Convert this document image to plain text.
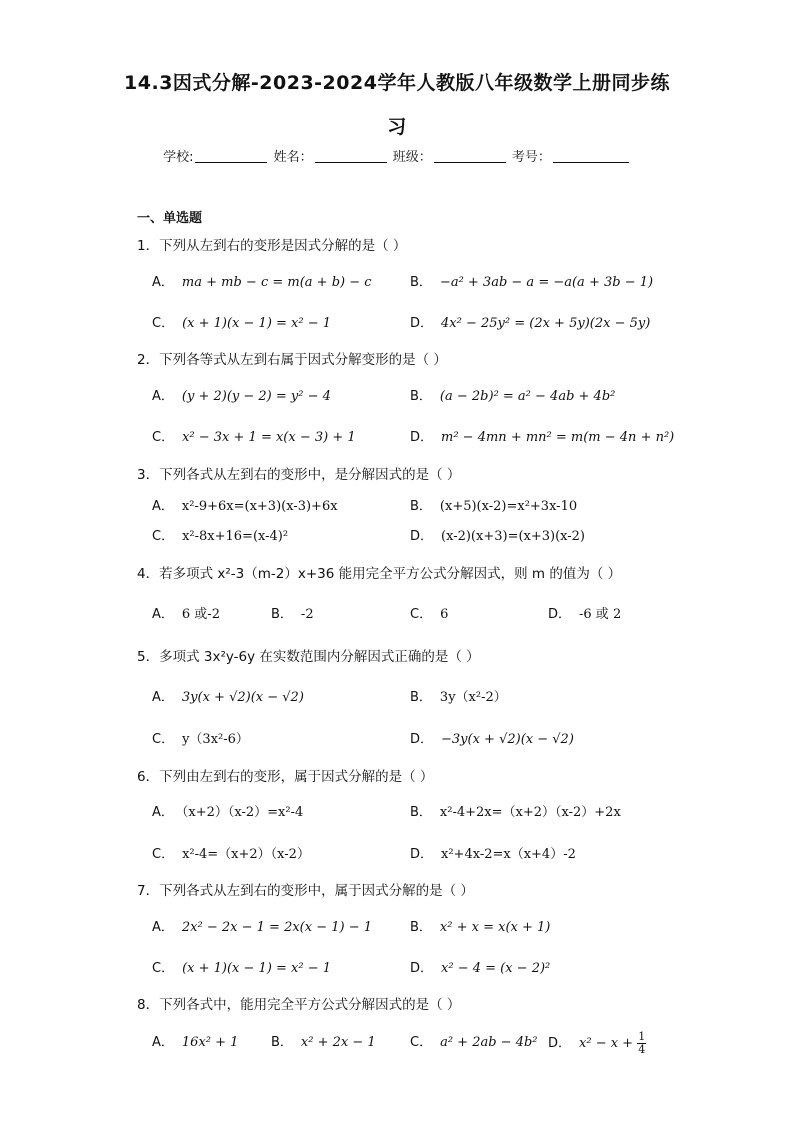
14.3因式分解-2023-2024学年人教版八年级数学上册同步练
习
学校:	姓名：	班级：	考号：
一、单选题
1．下列从左到右的变形是因式分解的是（ ）
A． ma + mb − c = m(a + b) − c	B． −a² + 3ab − a = −a(a + 3b − 1)
C． (x + 1)(x − 1) = x² − 1	D． 4x² − 25y² = (2x + 5y)(2x − 5y)
2．下列各等式从左到右属于因式分解变形的是（ ）
A． (y + 2)(y − 2) = y² − 4	B． (a − 2b)² = a² − 4ab + 4b²
C． x² − 3x + 1 = x(x − 3) + 1	D． m² − 4mn + mn² = m(m − 4n + n²)
3．下列各式从左到右的变形中，是分解因式的是（ ）
A． x²-9+6x=(x+3)(x-3)+6x	B． (x+5)(x-2)=x²+3x-10
C． x²-8x+16=(x-4)²	D． (x-2)(x+3)=(x+3)(x-2)
4．若多项式 x²-3（m-2）x+36 能用完全平方公式分解因式，则 m 的值为（ ）
A． 6 或-2	B． -2	C． 6	D． -6 或 2
5．多项式 3x²y-6y 在实数范围内分解因式正确的是（ ）
A． 3y(x + √2)(x − √2)	B． 3y（x²-2）
C． y（3x²-6）	D． −3y(x + √2)(x − √2)
6．下列由左到右的变形，属于因式分解的是（ ）
A． （x+2）（x-2）=x²-4	B． x²-4+2x=（x+2）（x-2）+2x
C． x²-4=（x+2）（x-2）	D． x²+4x-2=x（x+4）-2
7．下列各式从左到右的变形中，属于因式分解的是（ ）
A． 2x² − 2x − 1 = 2x(x − 1) − 1	B． x² + x = x(x + 1)
C． (x + 1)(x − 1) = x² − 1	D． x² − 4 = (x − 2)²
8．下列各式中，能用完全平方公式分解因式的是（ ）
A． 16x² + 1	B． x² + 2x − 1	C． a² + 2ab − 4b² D． $x^2 - x + \frac{1}{4}$
